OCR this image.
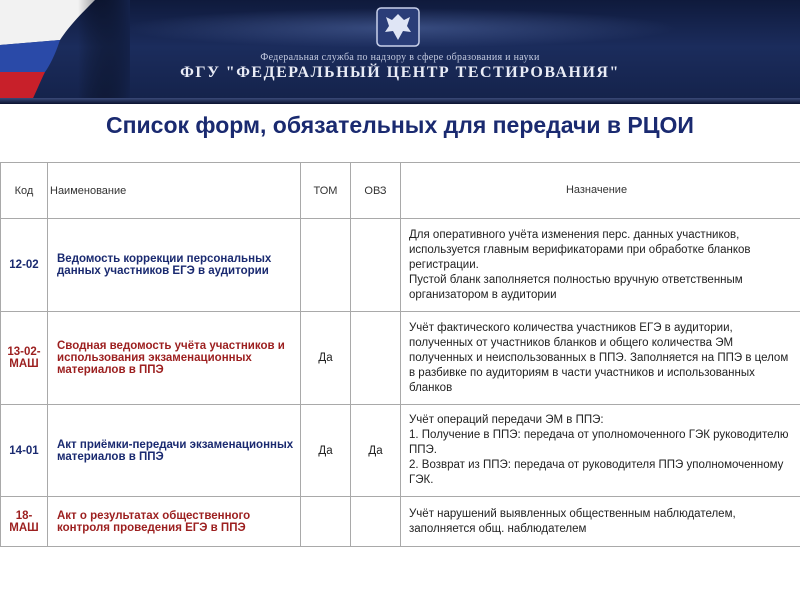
Федеральная служба по надзору в сфере образования и науки
ФГУ "ФЕДЕРАЛЬНЫЙ ЦЕНТР ТЕСТИРОВАНИЯ"
Список форм, обязательных для передачи в РЦОИ
Код	Наименование	ТОМ	ОВЗ	Назначение
12-02	Ведомость коррекции персональных данных участников ЕГЭ в аудитории			Для оперативного учёта изменения перс. данных участников, используется главным верификаторами при обработке бланков регистрации.
Пустой бланк заполняется полностью вручную ответственным организатором в аудитории
13-02-МАШ	Сводная ведомость учёта участников и использования экзаменационных материалов в ППЭ	Да		Учёт фактического количества участников ЕГЭ в аудитории, полученных от участников бланков и общего количества ЭМ полученных и неиспользованных в ППЭ. Заполняется на ППЭ в целом в разбивке по аудиториям в части участников и использованных бланков
14-01	Акт приёмки-передачи экзаменационных материалов в ППЭ	Да	Да	Учёт операций передачи ЭМ в ППЭ:
1. Получение в ППЭ: передача от уполномоченного ГЭК руководителю ППЭ.
2. Возврат из ППЭ: передача от руководителя ППЭ уполномоченному ГЭК.
18-МАШ	Акт о результатах общественного контроля проведения ЕГЭ в ППЭ			Учёт нарушений выявленных общественным наблюдателем, заполняется общ. наблюдателем
